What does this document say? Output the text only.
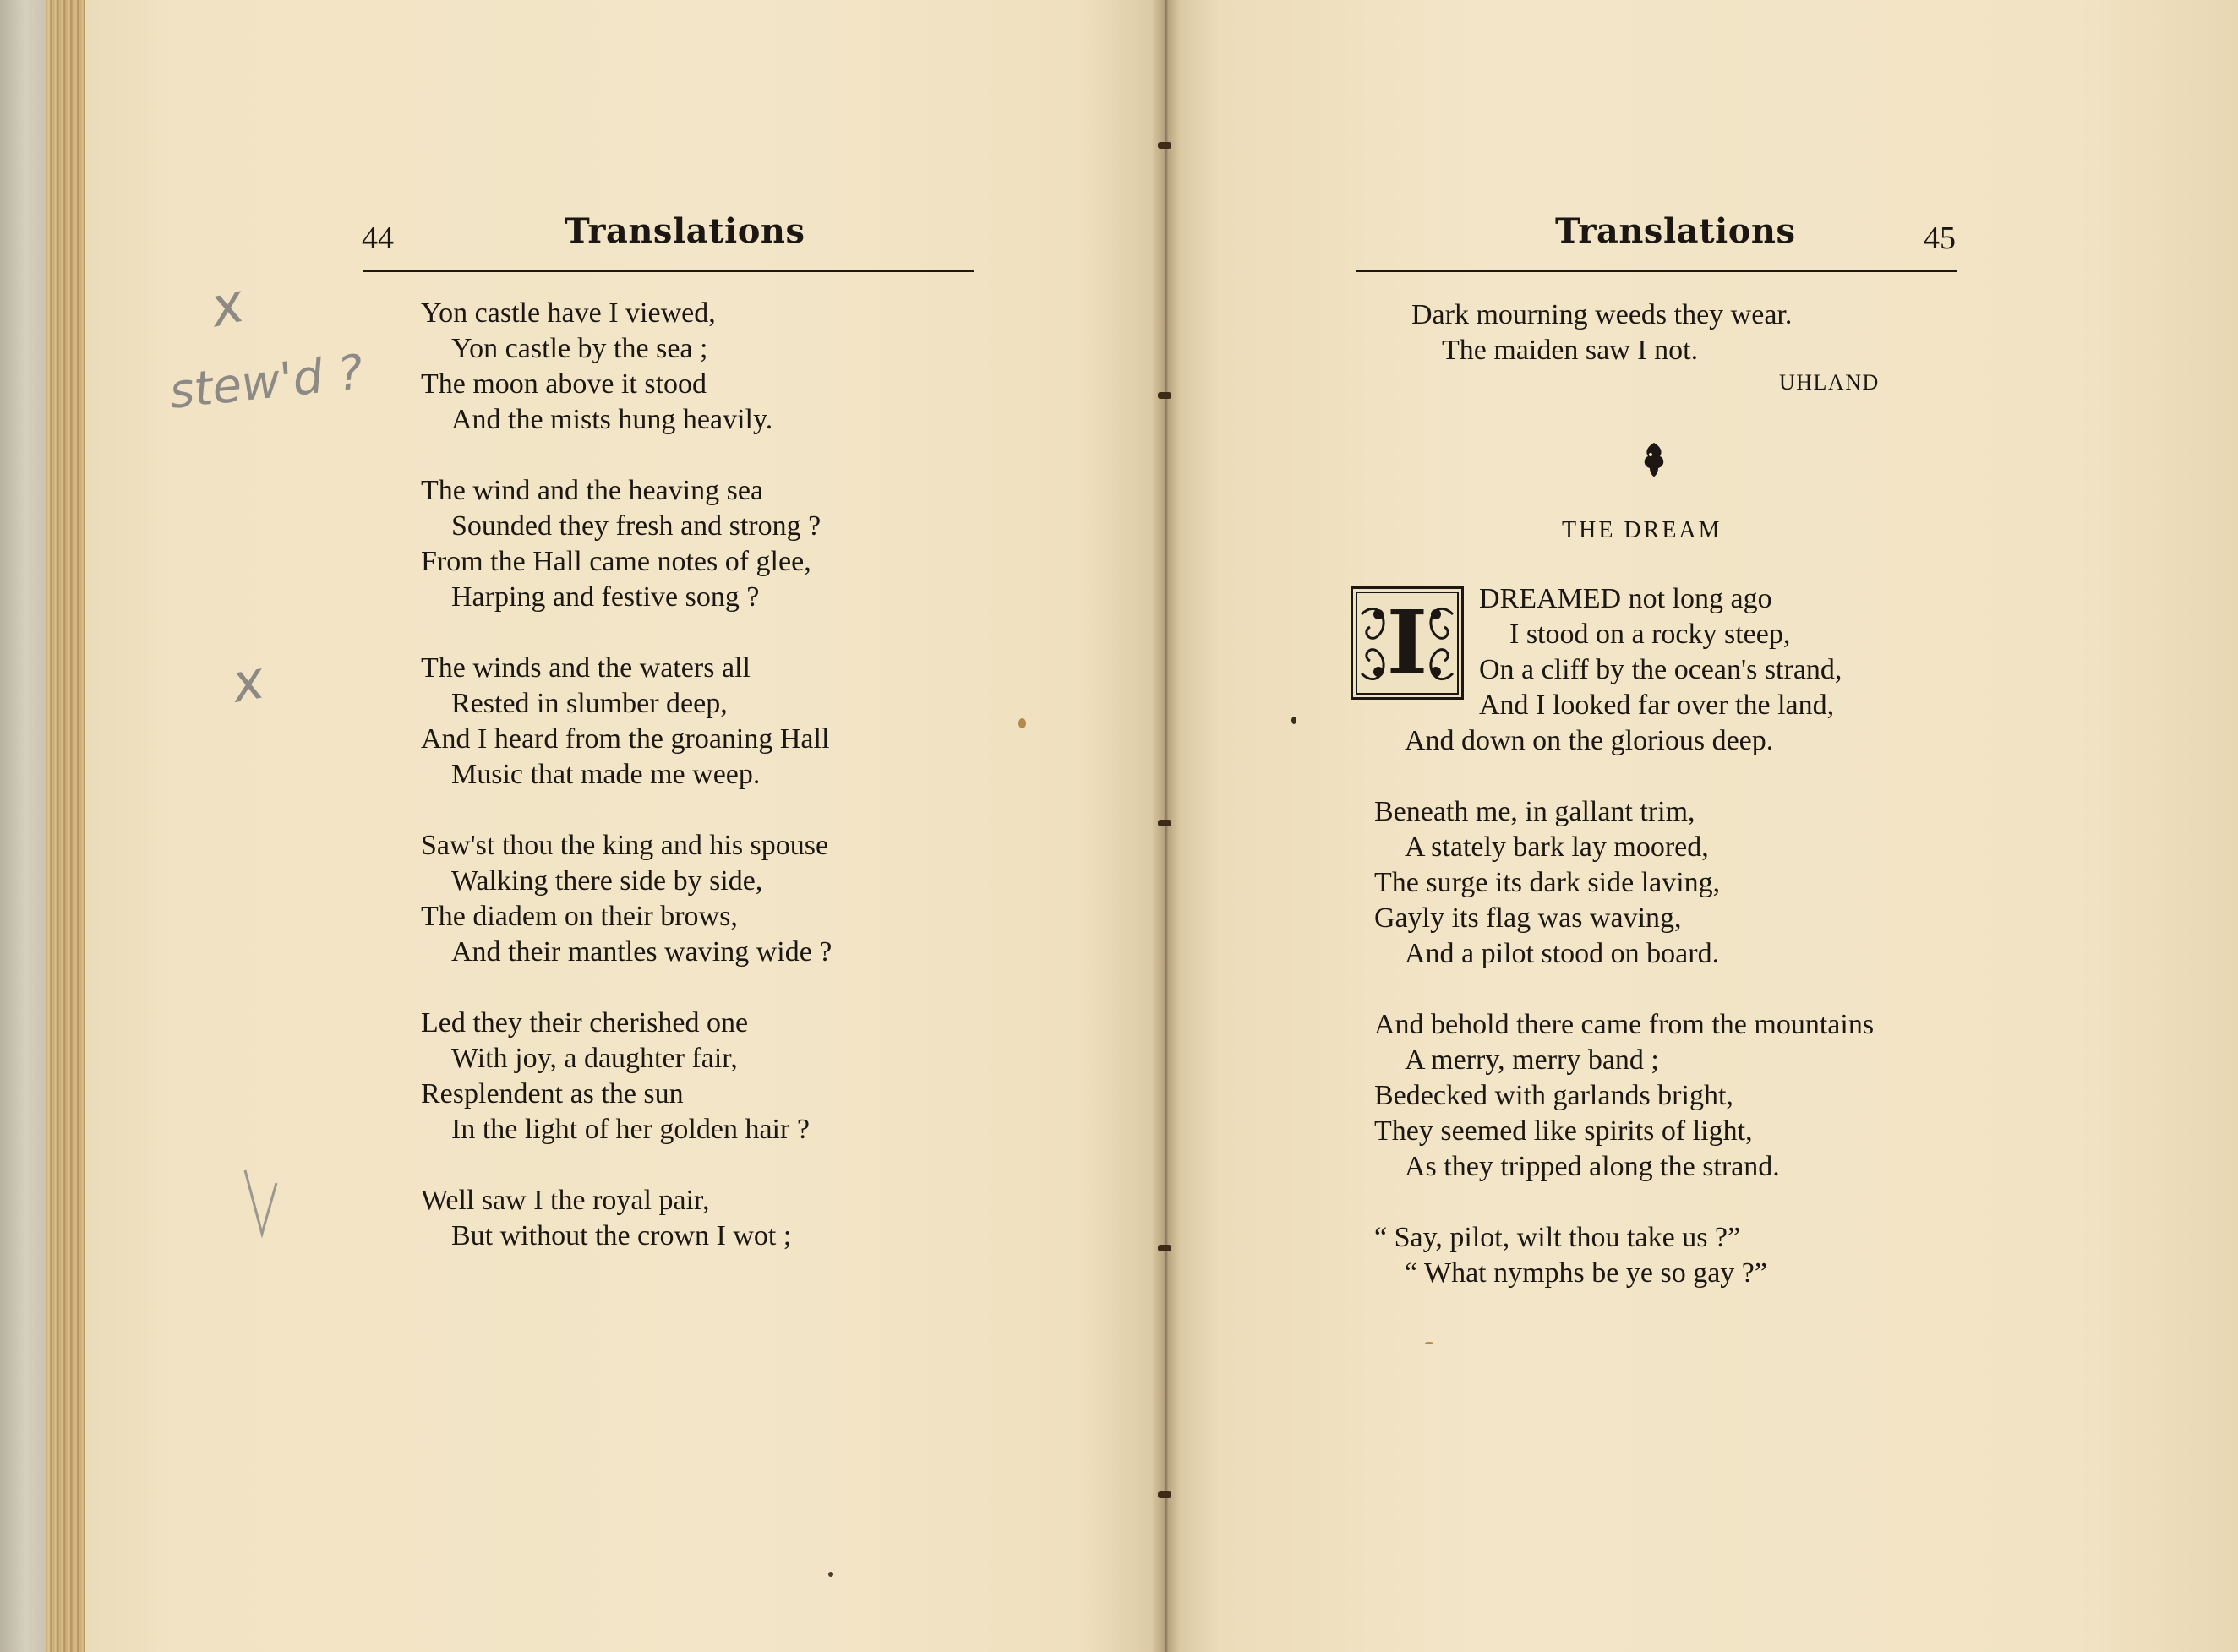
44	Translations
Yon castle have I viewed,
Yon castle by the sea ;
The moon above it stood
And the mists hung heavily.
The wind and the heaving sea
Sounded they fresh and strong ?
From the Hall came notes of glee,
Harping and festive song ?
The winds and the waters all
Rested in slumber deep,
And I heard from the groaning Hall
Music that made me weep.
Saw'st thou the king and his spouse
Walking there side by side,
The diadem on their brows,
And their mantles waving wide ?
Led they their cherished one
With joy, a daughter fair,
Resplendent as the sun
In the light of her golden hair ?
Well saw I the royal pair,
But without the crown I wot ;
x
stew'd ?
x
Translations	45
Dark mourning weeds they wear.
The maiden saw I not.
UHLAND
THE DREAM
I	DREAMED not long ago
I stood on a rocky steep,
On a cliff by the ocean's strand,
And I looked far over the land,
And down on the glorious deep.
Beneath me, in gallant trim,
A stately bark lay moored,
The surge its dark side laving,
Gayly its flag was waving,
And a pilot stood on board.
And behold there came from the mountains
A merry, merry band ;
Bedecked with garlands bright,
They seemed like spirits of light,
As they tripped along the strand.
“ Say, pilot, wilt thou take us ?”
“ What nymphs be ye so gay ?”
